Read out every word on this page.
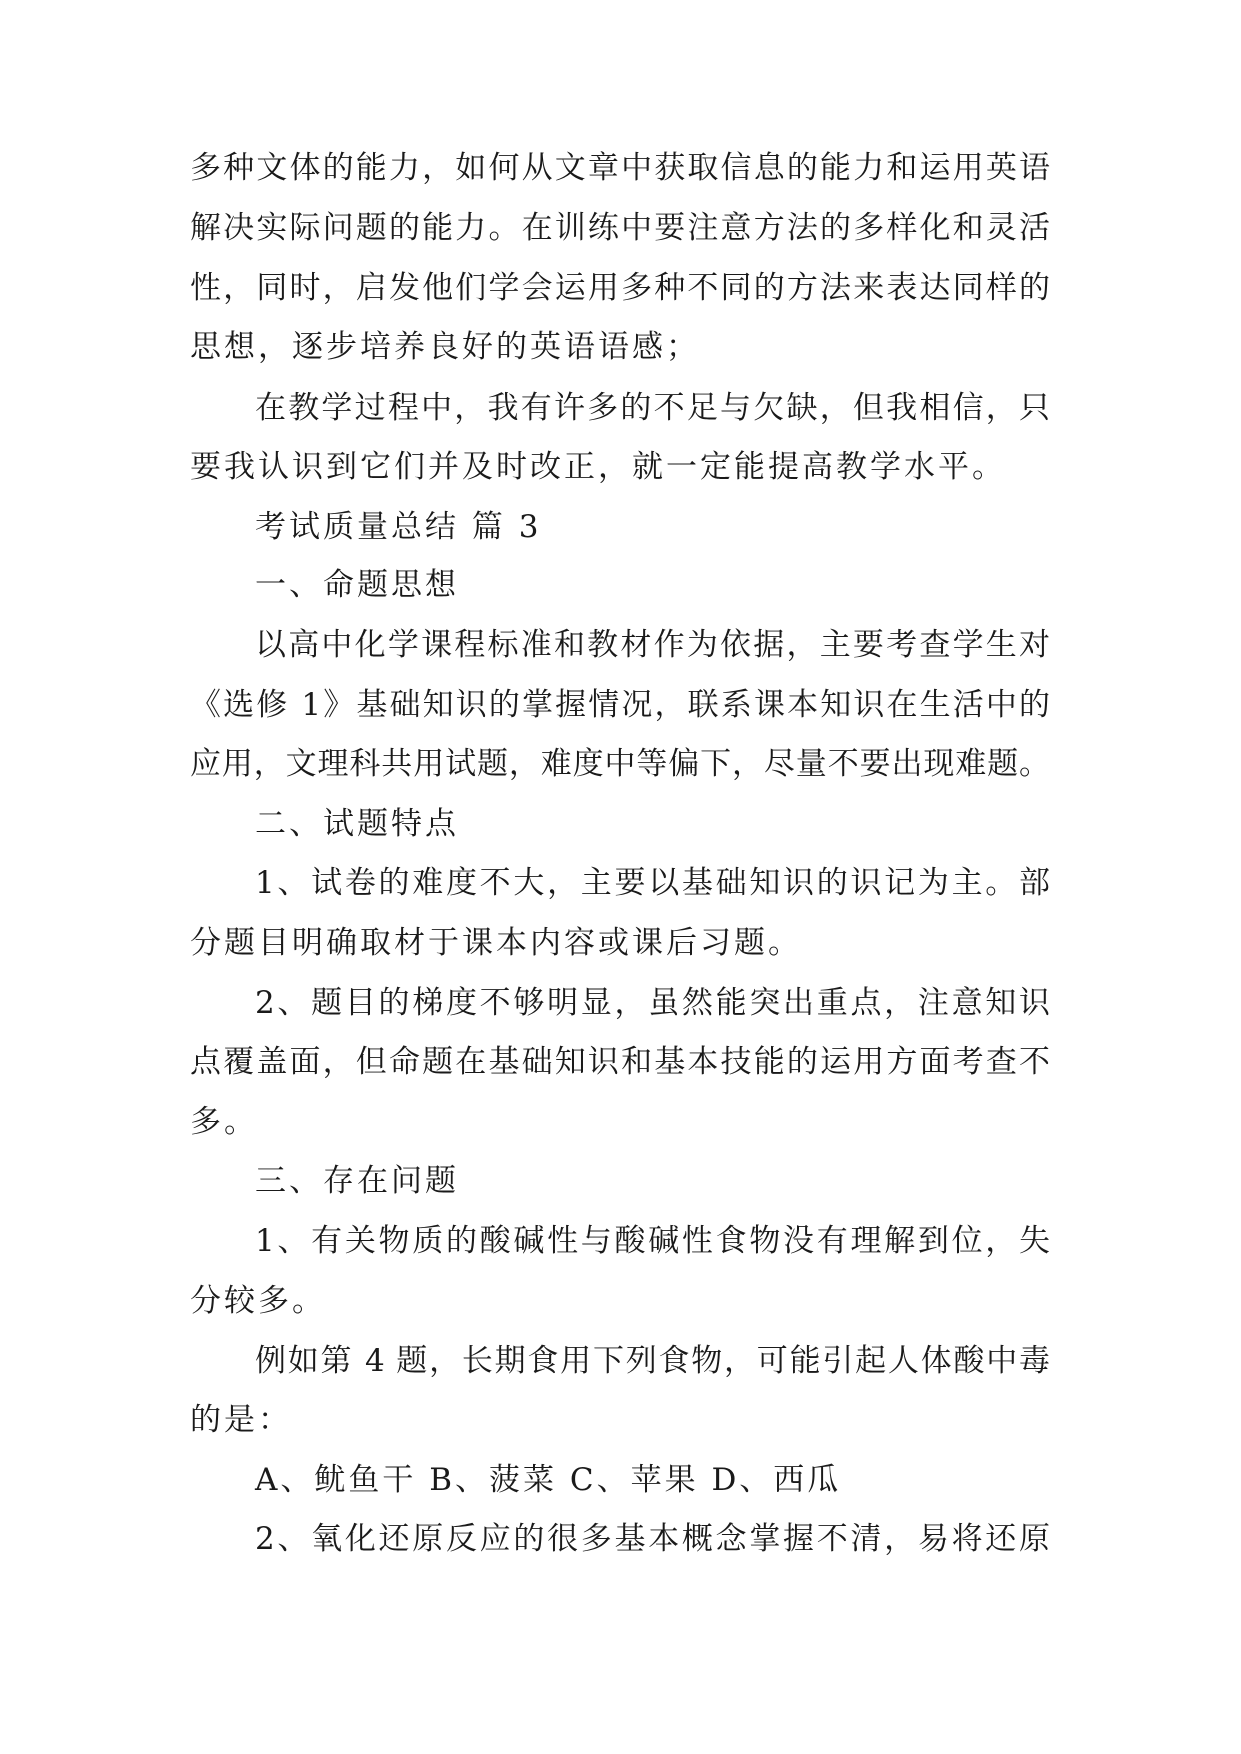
多种文体的能力，如何从文章中获取信息的能力和运用英语
解决实际问题的能力。在训练中要注意方法的多样化和灵活
性，同时，启发他们学会运用多种不同的方法来表达同样的
思想，逐步培养良好的英语语感；
在教学过程中，我有许多的不足与欠缺，但我相信，只
要我认识到它们并及时改正，就一定能提高教学水平。
考试质量总结 篇 3
一、命题思想
以高中化学课程标准和教材作为依据，主要考查学生对
《选修 1》基础知识的掌握情况，联系课本知识在生活中的
应用，文理科共用试题，难度中等偏下，尽量不要出现难题。
二、试题特点
1、试卷的难度不大，主要以基础知识的识记为主。部
分题目明确取材于课本内容或课后习题。
2、题目的梯度不够明显，虽然能突出重点，注意知识
点覆盖面，但命题在基础知识和基本技能的运用方面考查不
多。
三、存在问题
1、有关物质的酸碱性与酸碱性食物没有理解到位，失
分较多。
例如第 4 题，长期食用下列食物，可能引起人体酸中毒
的是：
A、鱿鱼干 B、菠菜 C、苹果 D、西瓜
2、氧化还原反应的很多基本概念掌握不清，易将还原
